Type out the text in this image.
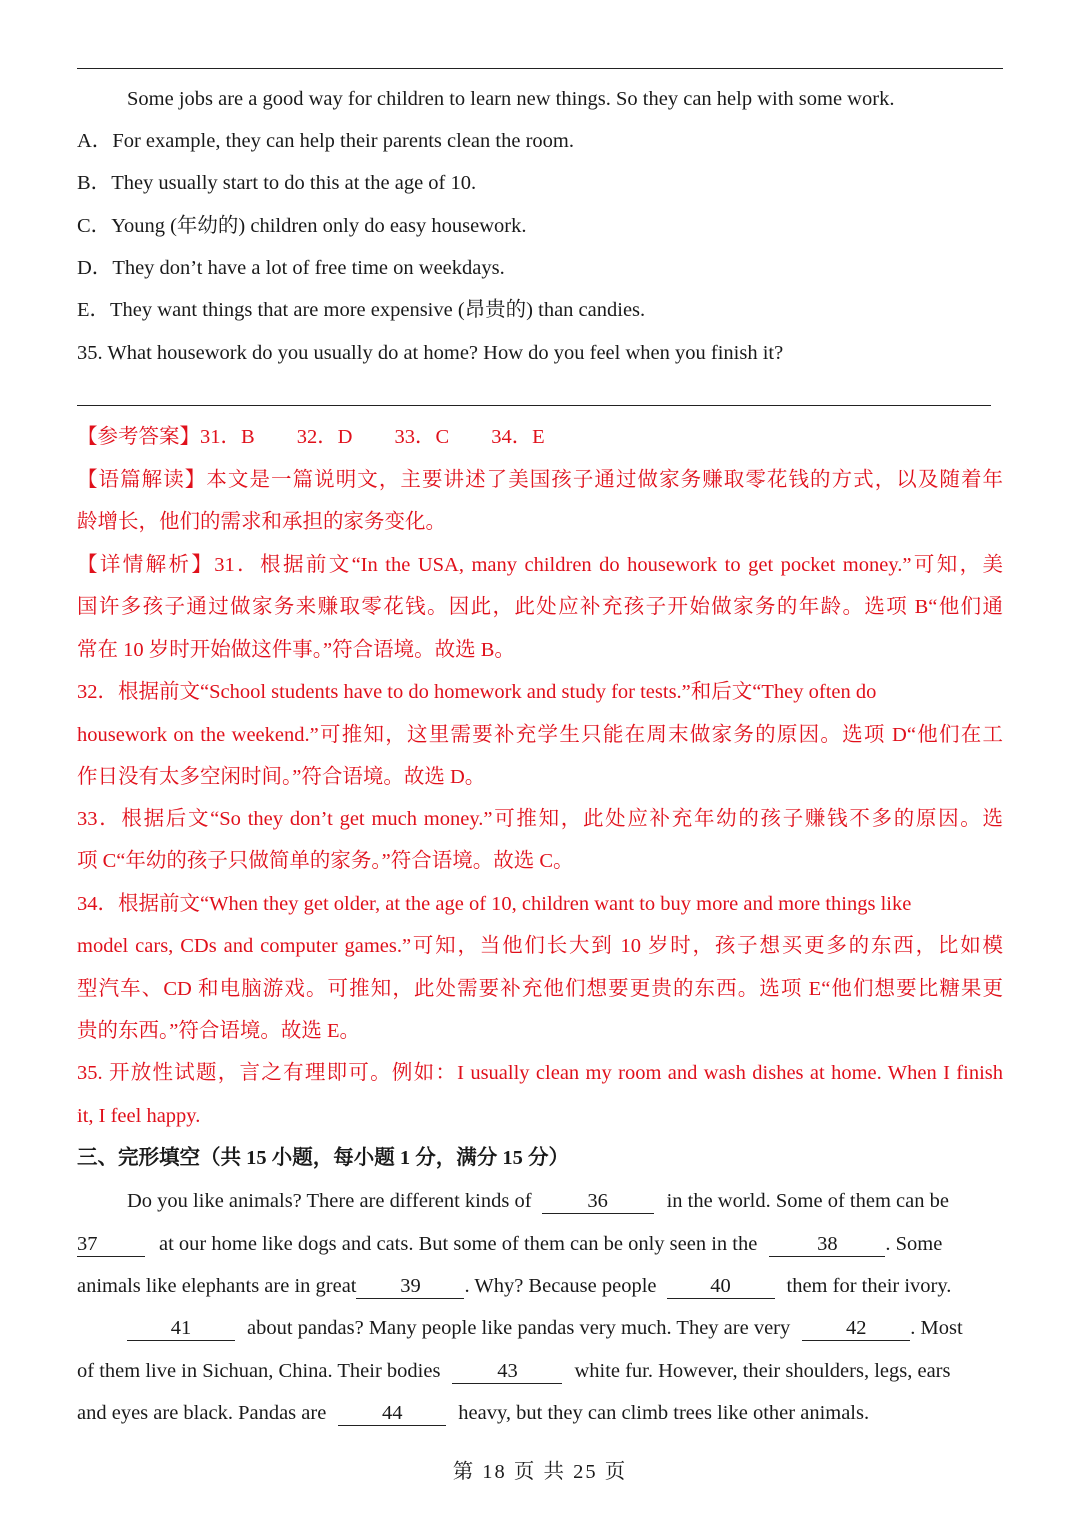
Some jobs are a good way for children to learn new things. So they can help with some work.
A．For example, they can help their parents clean the room.
B．They usually start to do this at the age of 10.
C．Young (年幼的) children only do easy housework.
D．They don’t have a lot of free time on weekdays.
E．They want things that are more expensive (昂贵的) than candies.
35. What housework do you usually do at home? How do you feel when you finish it?
【参考答案】31．B 32．D 33．C 34．E
【语篇解读】本文是一篇说明文，主要讲述了美国孩子通过做家务赚取零花钱的方式，以及随着年
龄增长，他们的需求和承担的家务变化。
【详情解析】31．根据前文“In the USA, many children do housework to get pocket money.”可知，美
国许多孩子通过做家务来赚取零花钱。因此，此处应补充孩子开始做家务的年龄。选项 B“他们通
常在 10 岁时开始做这件事。”符合语境。故选 B。
32．根据前文“School students have to do homework and study for tests.”和后文“They often do
housework on the weekend.”可推知，这里需要补充学生只能在周末做家务的原因。选项 D“他们在工
作日没有太多空闲时间。”符合语境。故选 D。
33．根据后文“So they don’t get much money.”可推知，此处应补充年幼的孩子赚钱不多的原因。选
项 C“年幼的孩子只做简单的家务。”符合语境。故选 C。
34．根据前文“When they get older, at the age of 10, children want to buy more and more things like
model cars, CDs and computer games.”可知，当他们长大到 10 岁时，孩子想买更多的东西，比如模
型汽车、CD 和电脑游戏。可推知，此处需要补充他们想要更贵的东西。选项 E“他们想要比糖果更
贵的东西。”符合语境。故选 E。
35. 开放性试题，言之有理即可。例如：I usually clean my room and wash dishes at home. When I finish
it, I feel happy.
三、完形填空（共 15 小题，每小题 1 分，满分 15 分）
Do you like animals? There are different kinds of	36	in the world. Some of them can be
37	at our home like dogs and cats. But some of them can be only seen in the	38 . Some
animals like elephants are in great 39 . Why? Because people	40	them for their ivory.
41	about pandas? Many people like pandas very much. They are very	42 . Most
of them live in Sichuan, China. Their bodies	43	white fur. However, their shoulders, legs, ears
and eyes are black. Pandas are	44	heavy, but they can climb trees like other animals.
第 18 页 共 25 页
